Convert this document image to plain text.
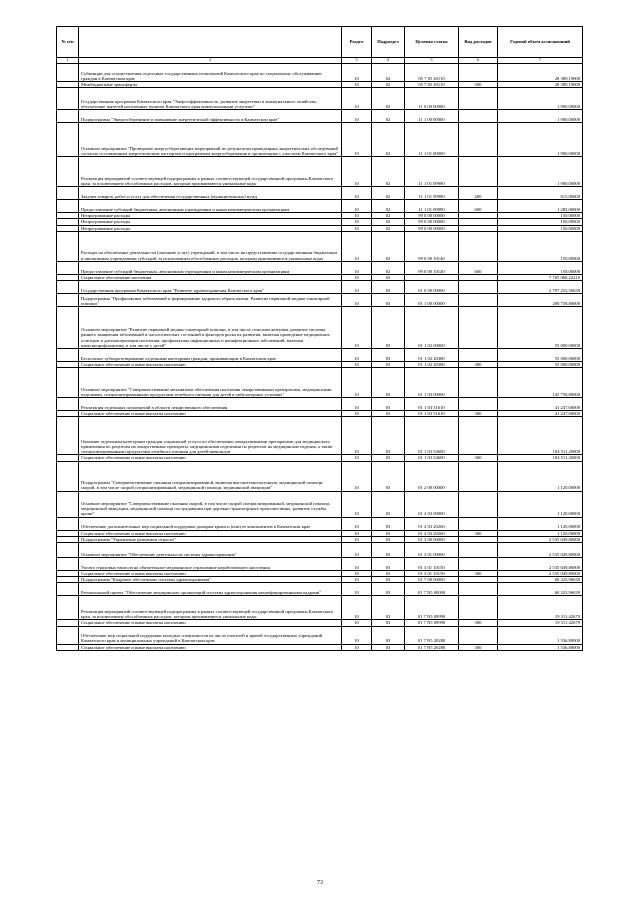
№ п/п		Раздел	Подраздел	Целевая статья	Вид расходов	Годовой объем ассигнований
1	2	3	4	5	6	7
	Субвенции для осуществления отдельных государственных полномочий Камчатского края по социальному обслуживанию граждан в Камчатском крае	10	02	05 7 05 40110		28 389,19000
	Межбюджетные трансферты	10	02	05 7 05 40110	500	28 389,19000
	Государственная программа Камчатского края "Энергоэффективность, развитие энергетики и коммунального хозяйства, обеспечение жителей населенных пунктов Камчатского края коммунальными услугами"	10	02	11 0 00 00000		1 900,00000
	Подпрограмма "Энергосбережение и повышение энергетической эффективности в Камчатском крае"	10	02	11 1 00 00000		1 900,00000
	Основное мероприятие "Проведение энергосберегающих мероприятий по результатам проведенных энергетических обследований согласно составленным энергетическим паспортам и программам энергосбережения в организациях с участием Камчатского края"	10	02	11 1 01 00000		1 900,00000
	Реализация мероприятий соответствующей подпрограммы в рамках соответствующей государственной программы Камчатского края, за исключением обособленных расходов, которым присваиваются уникальные коды	10	02	11 1 01 09990		1 900,00000
	Закупка товаров, работ и услуг для обеспечения государственных (муниципальных) нужд	10	02	11 1 01 09990	200	615,00000
	Предоставление субсидий бюджетным, автономным учреждениям и иным некоммерческим организациям	10	02	11 1 01 09990	600	1 285,00000
	Непрограммные расходы	10	02	99 0 00 00000		150,00000
	Непрограммные расходы	10	02	99 0 00 00000		150,00000
	Непрограммные расходы	10	02	99 0 00 00000		150,00000
	Расходы на обеспечение деятельности (оказание услуг) учреждений, в том числе на предоставление государственным бюджетным и автономным учреждениям субсидий, за исключением обособленных расходов, которым присваиваются уникальные коды	10	02	99 0 00 10140		150,00000
	Предоставление субсидий бюджетным, автономным учреждениям и иным некоммерческим организациям	10	02	99 0 00 10140	600	150,00000
	Социальное обеспечение населения	10	03			7 765 068,22210
	Государственная программа Камчатского края "Развитие здравоохранения Камчатского края"	10	03	01 0 00 00000		2 797 252,56639
	Подпрограмма "Профилактика заболеваний и формирование здорового образа жизни. Развитие первичной медико-санитарной помощи"	10	03	01 1 00 00000		200 758,80000
	Основное мероприятие "Развитие первичной медико-санитарной помощи, в том числе сельским жителям, развитие системы раннего выявления заболеваний и патологических состояний и факторов риска их развития, включая проведение медицинских осмотров и диспансеризации населения, профилактика инфекционных и неинфекционных заболеваний, включая иммунопрофилактику, в том числе у детей"	10	03	01 1 02 00000		55 000,00000
	Бесплатное зубопротезирование отдельным категориям граждан, проживающим в Камчатском крае	10	03	01 1 02 20380		55 000,00000
	Социальное обеспечение и иные выплаты населению	10	03	01 1 02 20380	300	55 000,00000
	Основное мероприятие "Совершенствование механизмов обеспечения населения лекарственными препаратами, медицинскими изделиями, специализированными продуктами лечебного питания для детей в амбулаторных условиях"	10	03	01 1 03 00000		145 758,80000
	Реализация отдельных полномочий в области лекарственного обеспечения	10	03	01 1 03 51610		41 247,60000
	Социальное обеспечение и иные выплаты населению	10	03	01 1 03 51610	300	41 247,60000
	Оказание отдельным категориям граждан социальной услуги по обеспечению лекарственными препаратами для медицинского применения по рецептам на лекарственные препараты, медицинскими изделиями по рецептам на медицинские изделия, а также специализированными продуктами лечебного питания для детей-инвалидов	10	03	01 1 03 54600		104 511,20000
	Социальное обеспечение и иные выплаты населению	10	03	01 1 03 54600	300	104 511,20000
	Подпрограмма "Совершенствование оказания специализированной, включая высокотехнологичную, медицинской помощи, скорой, в том числе скорой специализированной, медицинской помощи, медицинской эвакуации"	10	03	01 2 00 00000		1 120,00000
	Основное мероприятие "Совершенствование оказания скорой, в том числе скорой специализированной, медицинской помощи, медицинской эвакуации, медицинской помощи пострадавшим при дорожно-транспортных происшествиях, развитие службы крови"	10	03	01 2 03 00000		1 120,00000
	Обеспечение дополнительных мер социальной поддержки донорам крови и (или) ее компонентов в Камчатском крае	10	03	01 2 03 20260		1 120,00000
	Социальное обеспечение и иные выплаты населению	10	03	01 2 03 20260	300	1 120,00000
	Подпрограмма "Управление развитием отрасли"	10	03	01 3 00 00000		2 535 049,80000
	Основное мероприятие "Обеспечение деятельности системы здравоохранения"	10	03	01 3 01 00000		2 535 049,80000
	Уплата страховых взносов на обязательное медицинское страхование неработающего населения	10	03	01 3 01 10150		2 535 049,80000
	Социальное обеспечение и иные выплаты населению	10	03	01 3 01 10150	300	2 535 049,80000
	Подпрограмма "Кадровое обеспечение системы здравоохранения"	10	03	01 7 00 00000		60 323,96639
	Региональный проект "Обеспечение медицинских организаций системы здравоохранения квалифицированными кадрами"	10	03	01 7 N5 00000		60 323,96639
	Реализация мероприятий соответствующей подпрограммы в рамках соответствующей государственной программы Камчатского края, за исключением обособленных расходов, которым присваиваются уникальные коды	10	03	01 7 N5 09990		19 311,42679
	Социальное обеспечение и иные выплаты населению	10	03	01 7 N5 09990	300	19 311,42679
	Обеспечение мер социальной поддержки молодых специалистов из числа учителей и врачей государственных учреждений Камчатского края и муниципальных учреждений в Камчатском крае	10	03	01 7 N5 20280		1 536,80000
	Социальное обеспечение и иные выплаты населению	10	03	01 7 N5 20280	300	1 536,80000
73
